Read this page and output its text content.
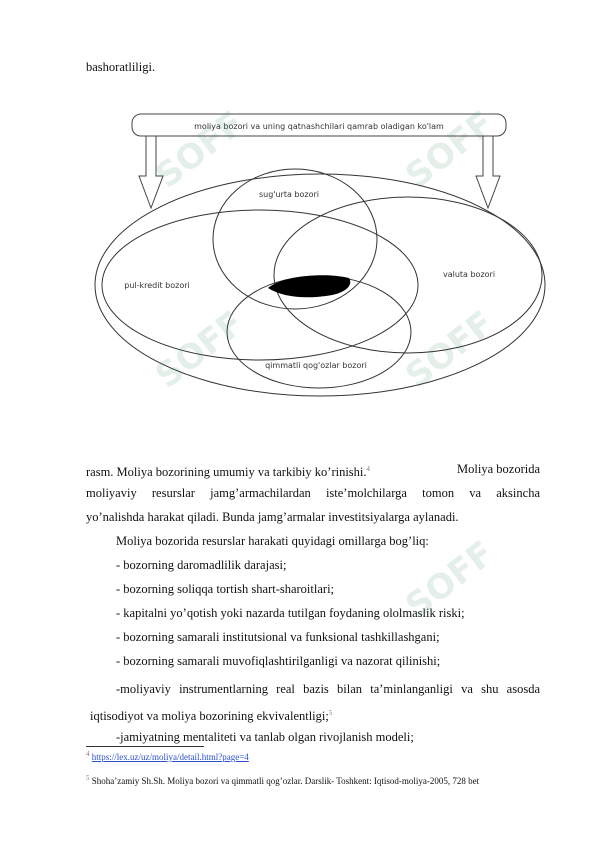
bashoratliligi.
moliya bozori va uning qatnashchilari qamrab oladigan ko'lam
sug'urta bozori
pul-kredit bozori
valuta bozori
qimmatli qog'ozlar bozori
rasm. Moliya bozorining umumiy va tarkibiy ko’rinishi.$^4$	Moliya bozorida
moliyaviy resurslar jamg’armachilardan iste’molchilarga tomon va aksincha
yo’nalishda harakat qiladi. Bunda jamg’armalar investitsiyalarga aylanadi.
Moliya bozorida resurslar harakati quyidagi omillarga bog’liq:
- bozorning daromadlilik darajasi;
- bozorning soliqqa tortish shart-sharoitlari;
- kapitalni yo’qotish yoki nazarda tutilgan foydaning ololmaslik riski;
- bozorning samarali institutsional va funksional tashkillashgani;
- bozorning samarali muvofiqlashtirilganligi va nazorat qilinishi;
-moliyaviy instrumentlarning real bazis bilan ta’minlanganligi va shu asosda
iqtisodiyot va moliya bozorining ekvivalentligi;$^5$
-jamiyatning mentaliteti va tanlab olgan rivojlanish modeli;
$^4$ https://lex.uz/uz/moliya/detail.html?page=4
$^5$ Shoha’zamiy Sh.Sh. Moliya bozori va qimmatli qog’ozlar. Darslik- Toshkent: Iqtisod-moliya-2005, 728 bet
SOFF	SOFF
SOFF	SOFF
SOFF
